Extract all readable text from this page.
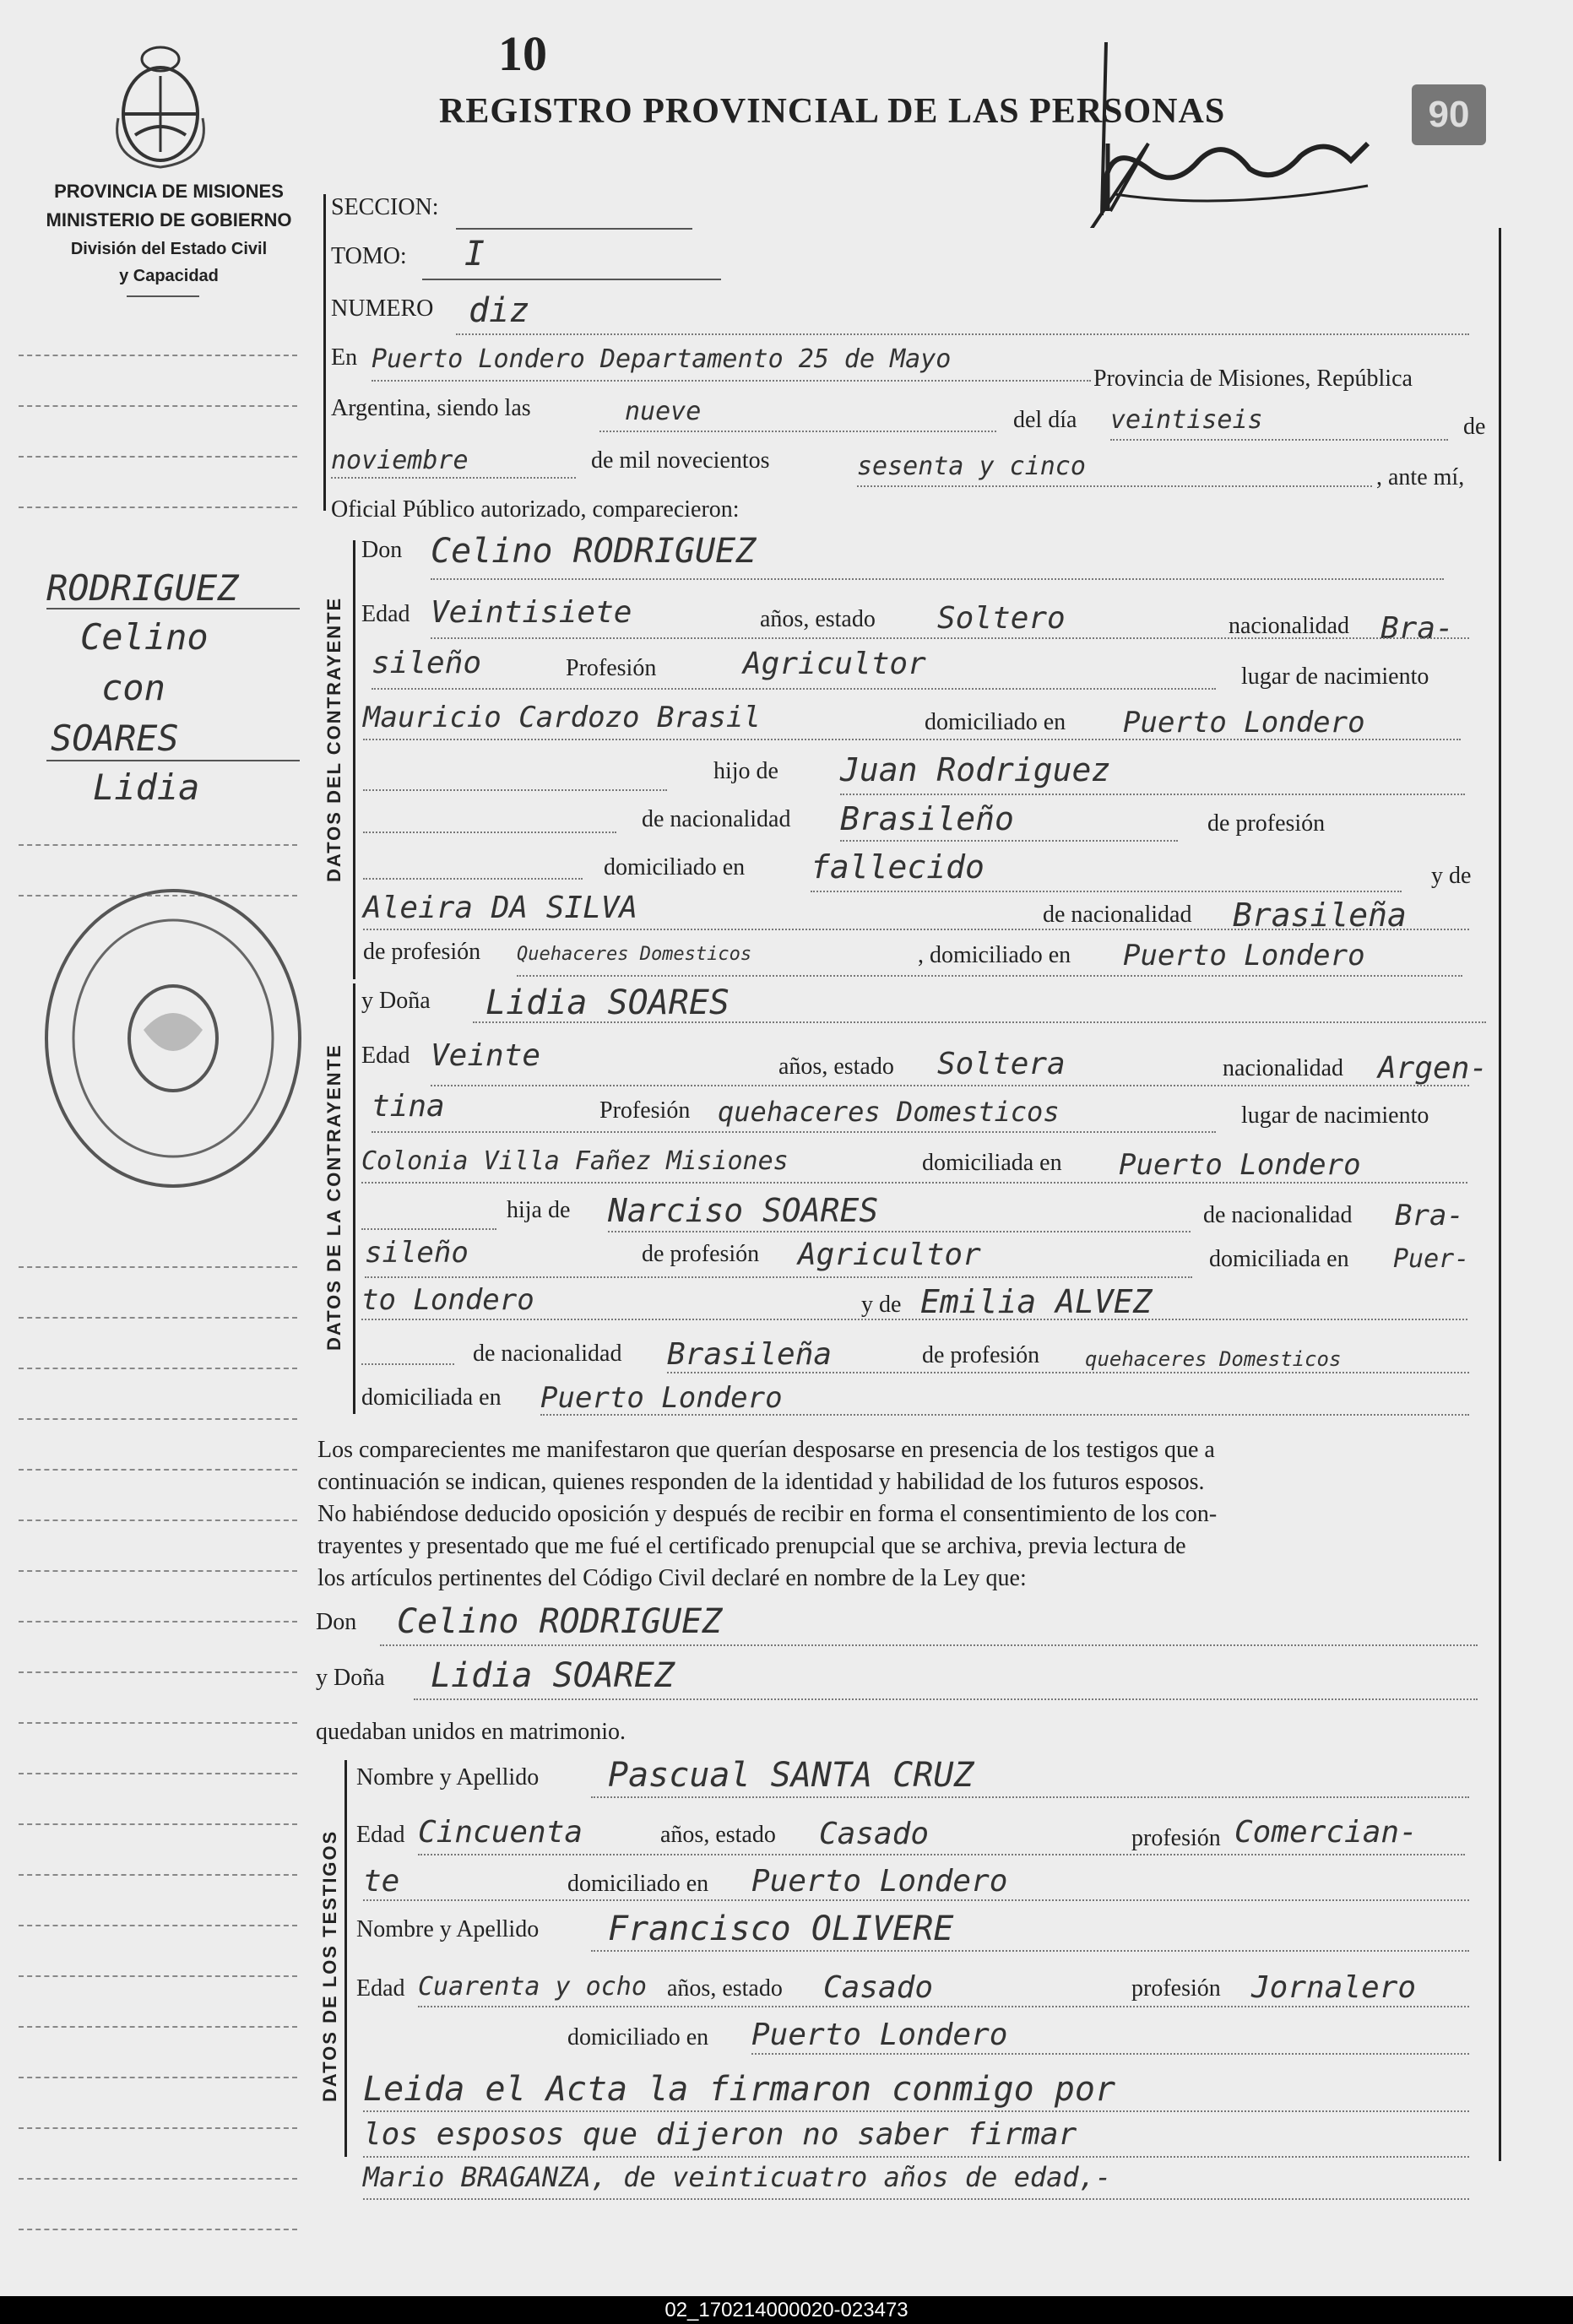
10
REGISTRO PROVINCIAL DE LAS PERSONAS	90
PROVINCIA DE MISIONES
MINISTERIO DE GOBIERNO
División del Estado Civil
y Capacidad
RODRIGUEZ
Celino
con
SOARES
Lidia
SECCION:
TOMO: I
NUMERO diz
En Puerto Londero Departamento 25 de Mayo
Provincia de Misiones, República
Argentina, siendo las	nueve	del día veintiseis	de
noviembre	de mil novecientos	sesenta y cinco	, ante mí,
Oficial Público autorizado, comparecieron:
DATOS DEL CONTRAYENTE
Don Celino RODRIGUEZ
Edad Veintisiete	años, estado Soltero	nacionalidad Bra-
sileño	Profesión	Agricultor	lugar de nacimiento
Mauricio Cardozo Brasil	domiciliado en Puerto Londero
hijo de Juan Rodriguez
de nacionalidad Brasileño	de profesión
domiciliado en fallecido	y de
Aleira DA SILVA	de nacionalidad Brasileña
de profesión Quehaceres Domesticos	, domiciliado en Puerto Londero
DATOS DE LA CONTRAYENTE
y Doña Lidia SOARES
Edad Veinte	años, estado Soltera	nacionalidad Argen-
tina	Profesión quehaceres Domesticos	lugar de nacimiento
Colonia Villa Fañez Misiones	domiciliada en Puerto Londero
hija de Narciso SOARES	de nacionalidad Bra-
sileño	de profesión Agricultor	domiciliada en Puer-
to Londero	y de Emilia ALVEZ
de nacionalidad Brasileña	de profesión quehaceres Domesticos
domiciliada en Puerto Londero
Los comparecientes me manifestaron que querían desposarse en presencia de los testigos que a
continuación se indican, quienes responden de la identidad y habilidad de los futuros esposos.
No habiéndose deducido oposición y después de recibir en forma el consentimiento de los con-
trayentes y presentado que me fué el certificado prenupcial que se archiva, previa lectura de
los artículos pertinentes del Código Civil declaré en nombre de la Ley que:
Don Celino RODRIGUEZ
y Doña Lidia SOAREZ
quedaban unidos en matrimonio.
DATOS DE LOS TESTIGOS
Nombre y Apellido Pascual SANTA CRUZ
Edad Cincuenta	años, estado Casado	profesión Comercian-
te	domiciliado en Puerto Londero
Nombre y Apellido Francisco OLIVERE
Edad Cuarenta y ocho años, estado Casado	profesión Jornalero
domiciliado en Puerto Londero
Leida el Acta la firmaron conmigo por
los esposos que dijeron no saber firmar
Mario BRAGANZA, de veinticuatro años de edad,-
02_170214000020-023473
